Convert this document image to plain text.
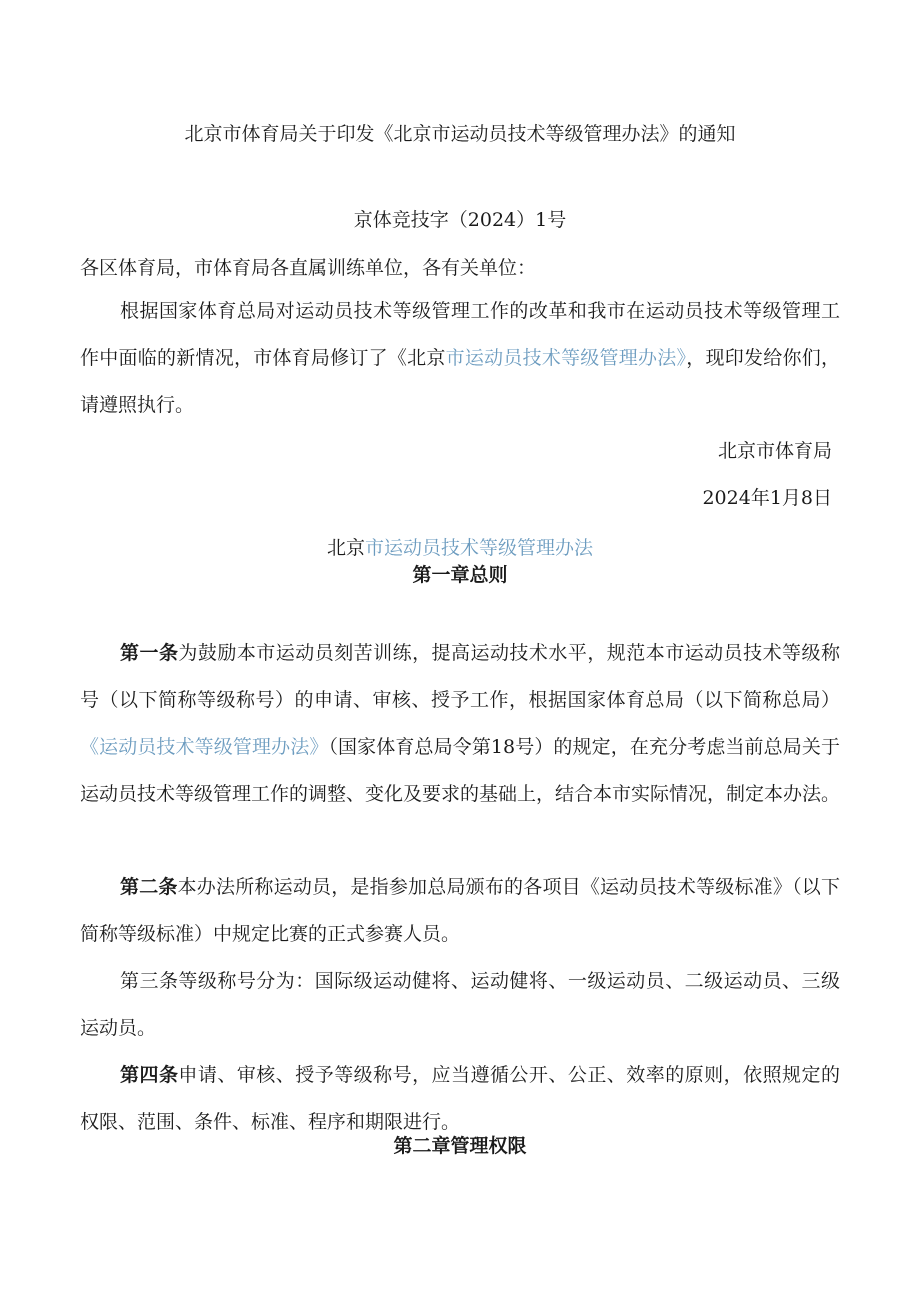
北京市体育局关于印发《北京市运动员技术等级管理办法》的通知
京体竞技字（2024）1号
各区体育局，市体育局各直属训练单位，各有关单位：
根据国家体育总局对运动员技术等级管理工作的改革和我市在运动员技术等级管理工作中面临的新情况，市体育局修订了《北京市运动员技术等级管理办法》，现印发给你们，请遵照执行。
北京市体育局
2024年1月8日
北京市运动员技术等级管理办法
第一章总则
第一条为鼓励本市运动员刻苦训练，提高运动技术水平，规范本市运动员技术等级称号（以下简称等级称号）的申请、审核、授予工作，根据国家体育总局（以下简称总局）《运动员技术等级管理办法》（国家体育总局令第18号）的规定，在充分考虑当前总局关于运动员技术等级管理工作的调整、变化及要求的基础上，结合本市实际情况，制定本办法。
第二条本办法所称运动员，是指参加总局颁布的各项目《运动员技术等级标准》（以下简称等级标准）中规定比赛的正式参赛人员。
第三条等级称号分为：国际级运动健将、运动健将、一级运动员、二级运动员、三级运动员。
第四条申请、审核、授予等级称号，应当遵循公开、公正、效率的原则，依照规定的权限、范围、条件、标准、程序和期限进行。
第二章管理权限
